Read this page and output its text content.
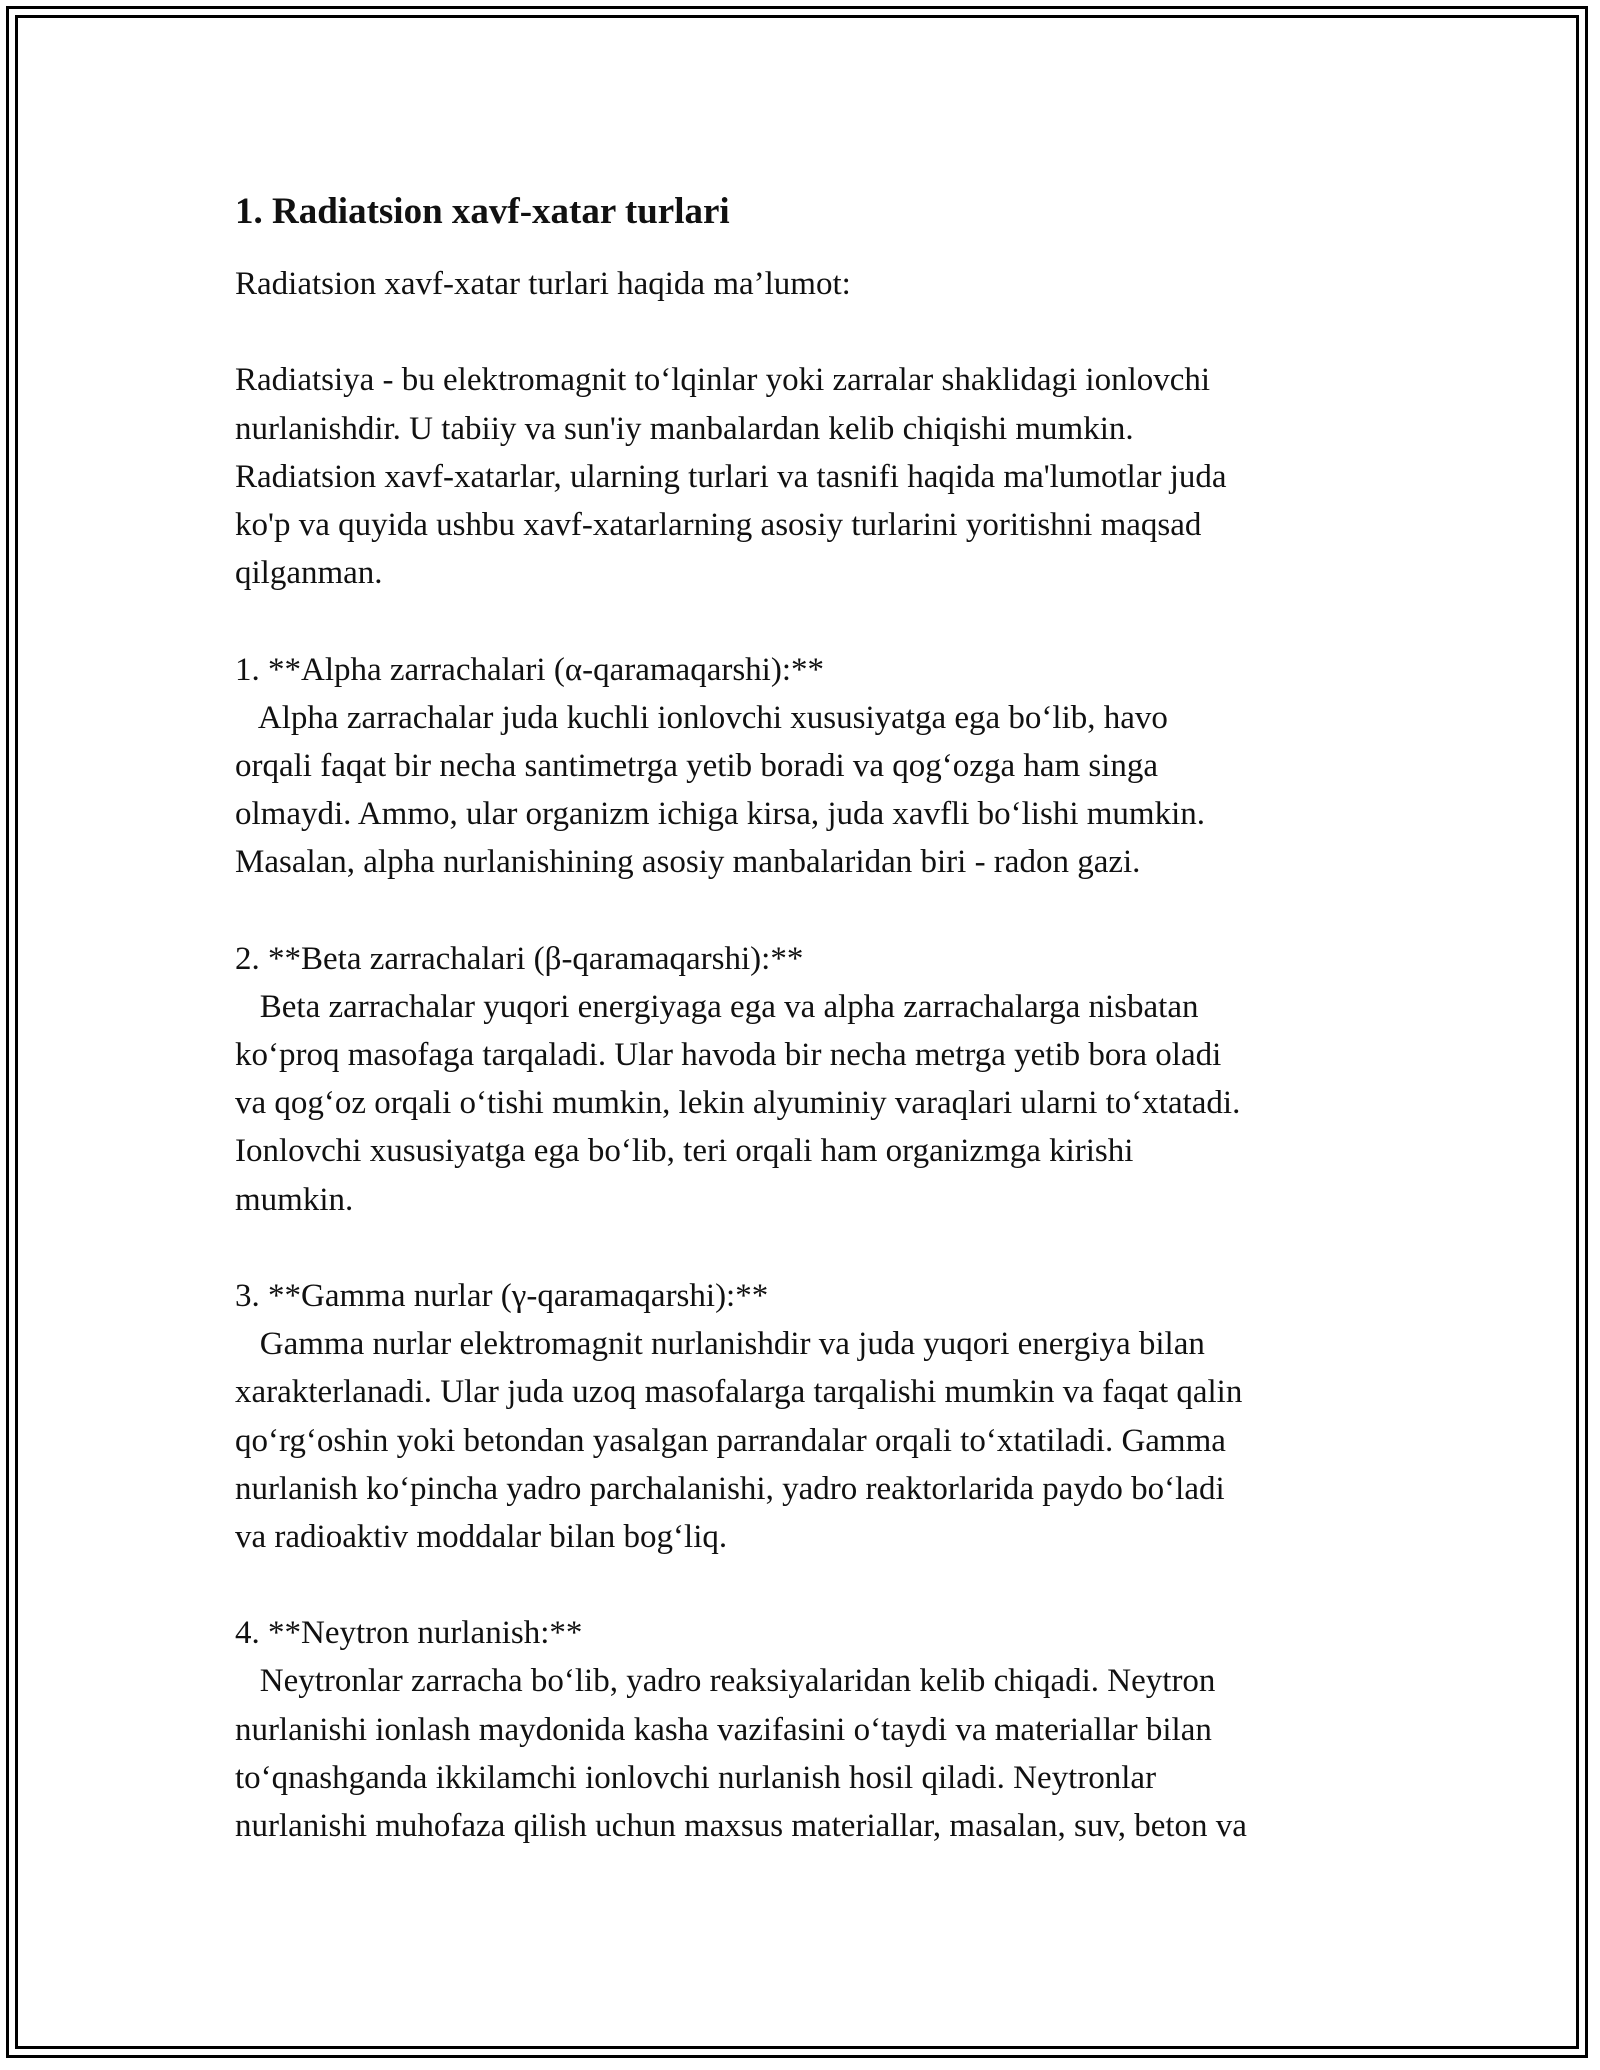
1. Radiatsion xavf-xatar turlari
Radiatsion xavf-xatar turlari haqida ma’lumot:
Radiatsiya - bu elektromagnit to‘lqinlar yoki zarralar shaklidagi ionlovchi
nurlanishdir. U tabiiy va sun'iy manbalardan kelib chiqishi mumkin.
Radiatsion xavf-xatarlar, ularning turlari va tasnifi haqida ma'lumotlar juda
ko'p va quyida ushbu xavf-xatarlarning asosiy turlarini yoritishni maqsad
qilganman.
1. **Alpha zarrachalari (α-qaramaqarshi):**
Alpha zarrachalar juda kuchli ionlovchi xususiyatga ega bo‘lib, havo
orqali faqat bir necha santimetrga yetib boradi va qog‘ozga ham singa
olmaydi. Ammo, ular organizm ichiga kirsa, juda xavfli bo‘lishi mumkin.
Masalan, alpha nurlanishining asosiy manbalaridan biri - radon gazi.
2. **Beta zarrachalari (β-qaramaqarshi):**
Beta zarrachalar yuqori energiyaga ega va alpha zarrachalarga nisbatan
ko‘proq masofaga tarqaladi. Ular havoda bir necha metrga yetib bora oladi
va qog‘oz orqali o‘tishi mumkin, lekin alyuminiy varaqlari ularni to‘xtatadi.
Ionlovchi xususiyatga ega bo‘lib, teri orqali ham organizmga kirishi
mumkin.
3. **Gamma nurlar (γ-qaramaqarshi):**
Gamma nurlar elektromagnit nurlanishdir va juda yuqori energiya bilan
xarakterlanadi. Ular juda uzoq masofalarga tarqalishi mumkin va faqat qalin
qo‘rg‘oshin yoki betondan yasalgan parrandalar orqali to‘xtatiladi. Gamma
nurlanish ko‘pincha yadro parchalanishi, yadro reaktorlarida paydo bo‘ladi
va radioaktiv moddalar bilan bog‘liq.
4. **Neytron nurlanish:**
Neytronlar zarracha bo‘lib, yadro reaksiyalaridan kelib chiqadi. Neytron
nurlanishi ionlash maydonida kasha vazifasini o‘taydi va materiallar bilan
to‘qnashganda ikkilamchi ionlovchi nurlanish hosil qiladi. Neytronlar
nurlanishi muhofaza qilish uchun maxsus materiallar, masalan, suv, beton va
